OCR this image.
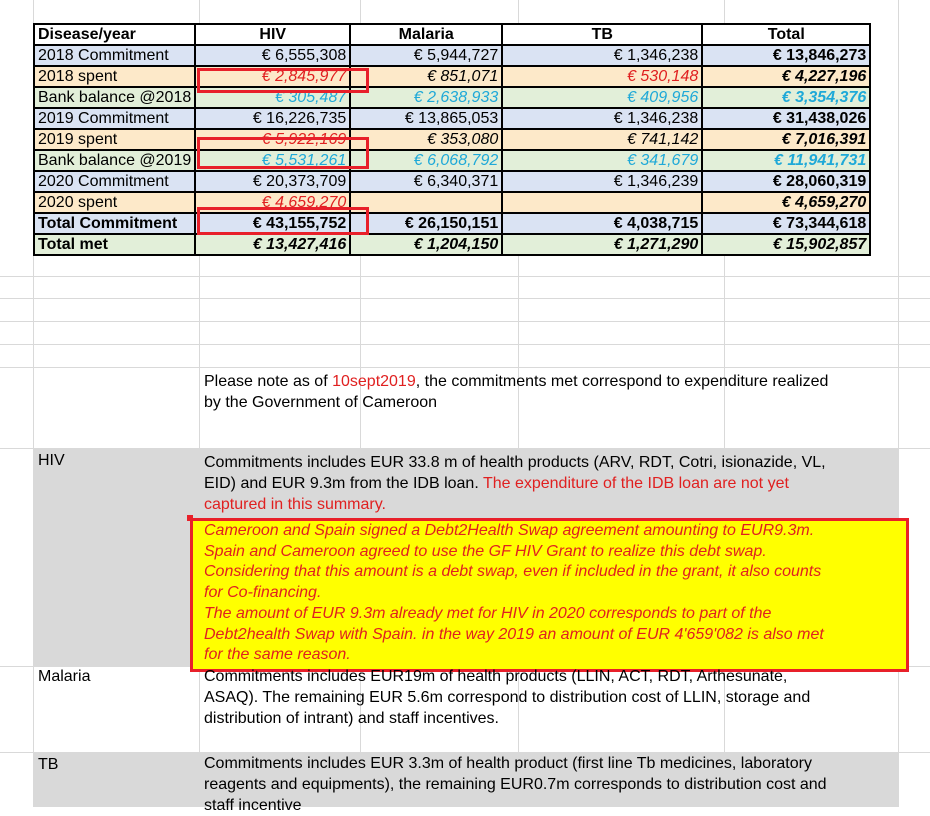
Disease/year	HIV	Malaria	TB	Total
2018 Commitment	€ 6,555,308	€ 5,944,727	€ 1,346,238	€ 13,846,273
2018 spent	€ 2,845,977	€ 851,071	€ 530,148	€ 4,227,196
Bank balance @2018	€ 305,487	€ 2,638,933	€ 409,956	€ 3,354,376
2019 Commitment	€ 16,226,735	€ 13,865,053	€ 1,346,238	€ 31,438,026
2019 spent	€ 5,922,169	€ 353,080	€ 741,142	€ 7,016,391
Bank balance @2019	€ 5,531,261	€ 6,068,792	€ 341,679	€ 11,941,731
2020 Commitment	€ 20,373,709	€ 6,340,371	€ 1,346,239	€ 28,060,319
2020 spent	€ 4,659,270			€ 4,659,270
Total Commitment	€ 43,155,752	€ 26,150,151	€ 4,038,715	€ 73,344,618
Total met	€ 13,427,416	€ 1,204,150	€ 1,271,290	€ 15,902,857
Please note as of 10sept2019, the commitments met correspond to expenditure realized
by the Government of Cameroon
HIV	Commitments includes EUR 33.8 m of health products (ARV, RDT, Cotri, isionazide, VL,
EID) and EUR 9.3m from the IDB loan. The expenditure of the IDB loan are not yet
captured in this summary.
Cameroon and Spain signed a Debt2Health Swap agreement amounting to EUR9.3m.
Spain and Cameroon agreed to use the GF HIV Grant to realize this debt swap.
Considering that this amount is a debt swap, even if included in the grant, it also counts
for Co-financing.
The amount of EUR 9.3m already met for HIV in 2020 corresponds to part of the
Debt2health Swap with Spain. in the way 2019 an amount of EUR 4'659'082 is also met
for the same reason.
Malaria	Commitments includes EUR19m of health products (LLIN, ACT, RDT, Arthesunate,
ASAQ). The remaining EUR 5.6m correspond to distribution cost of LLIN, storage and
distribution of intrant) and staff incentives.
TB	Commitments includes EUR 3.3m of health product (first line Tb medicines, laboratory
reagents and equipments), the remaining EUR0.7m corresponds to distribution cost and
staff incentive
